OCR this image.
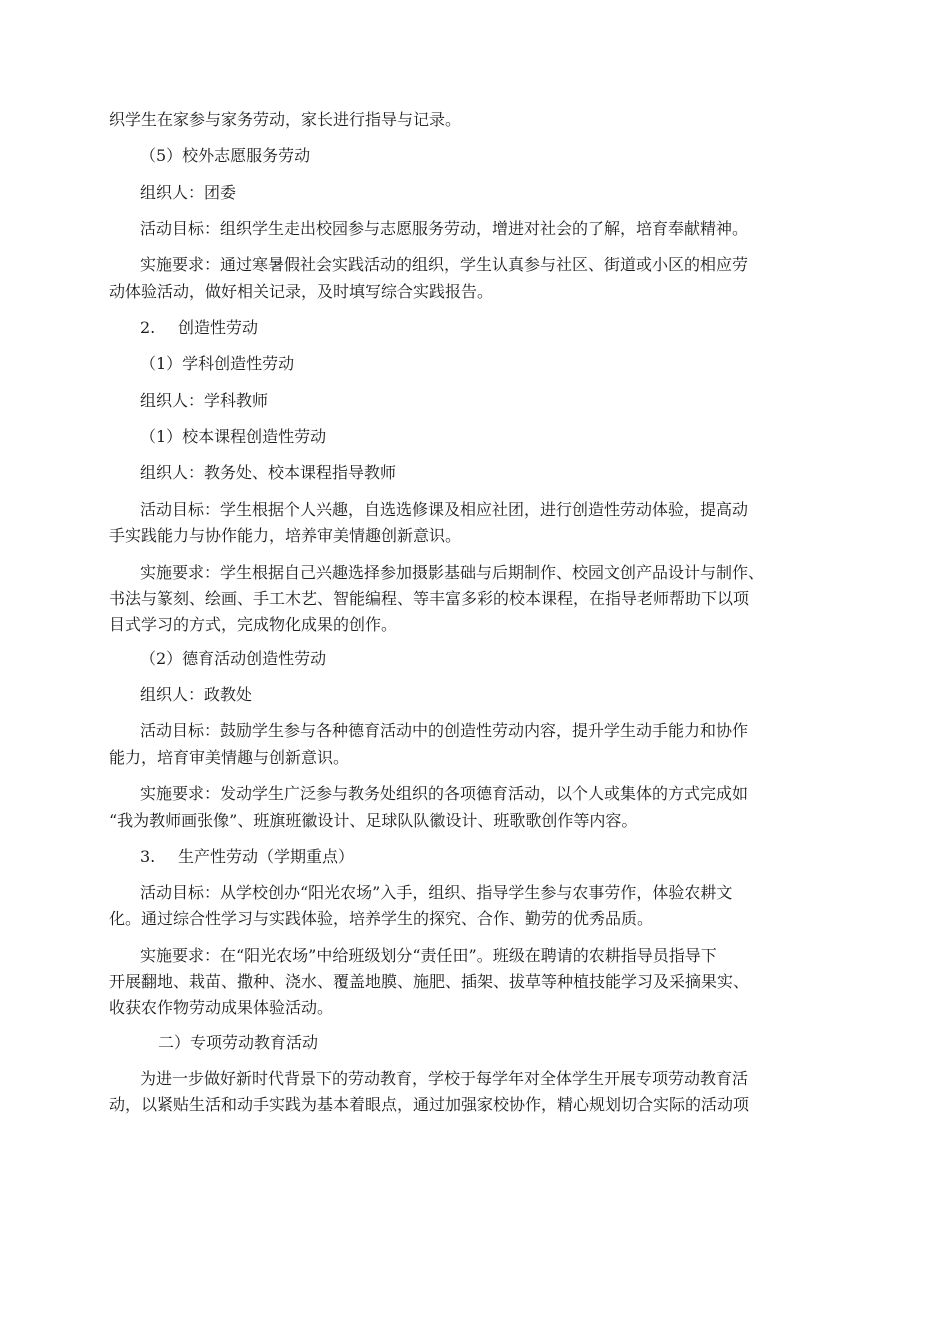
织学生在家参与家务劳动，家长进行指导与记录。
（5）校外志愿服务劳动
组织人：团委
活动目标：组织学生走出校园参与志愿服务劳动，增进对社会的了解，培育奉献精神。
实施要求：通过寒暑假社会实践活动的组织，学生认真参与社区、街道或小区的相应劳
动体验活动，做好相关记录，及时填写综合实践报告。
2. 创造性劳动
（1）学科创造性劳动
组织人：学科教师
（1）校本课程创造性劳动
组织人：教务处、校本课程指导教师
活动目标：学生根据个人兴趣，自选选修课及相应社团，进行创造性劳动体验，提高动
手实践能力与协作能力，培养审美情趣创新意识。
实施要求：学生根据自己兴趣选择参加摄影基础与后期制作、校园文创产品设计与制作、
书法与篆刻、绘画、手工木艺、智能编程、等丰富多彩的校本课程，在指导老师帮助下以项
目式学习的方式，完成物化成果的创作。
（2）德育活动创造性劳动
组织人：政教处
活动目标：鼓励学生参与各种德育活动中的创造性劳动内容，提升学生动手能力和协作
能力，培育审美情趣与创新意识。
实施要求：发动学生广泛参与教务处组织的各项德育活动，以个人或集体的方式完成如
“我为教师画张像”、班旗班徽设计、足球队队徽设计、班歌歌创作等内容。
3. 生产性劳动（学期重点）
活动目标：从学校创办“阳光农场”入手，组织、指导学生参与农事劳作，体验农耕文
化。通过综合性学习与实践体验，培养学生的探究、合作、勤劳的优秀品质。
实施要求：在“阳光农场”中给班级划分“责任田”。班级在聘请的农耕指导员指导下
开展翻地、栽苗、撒种、浇水、覆盖地膜、施肥、插架、拔草等种植技能学习及采摘果实、
收获农作物劳动成果体验活动。
二）专项劳动教育活动
为进一步做好新时代背景下的劳动教育，学校于每学年对全体学生开展专项劳动教育活
动，以紧贴生活和动手实践为基本着眼点，通过加强家校协作，精心规划切合实际的活动项
